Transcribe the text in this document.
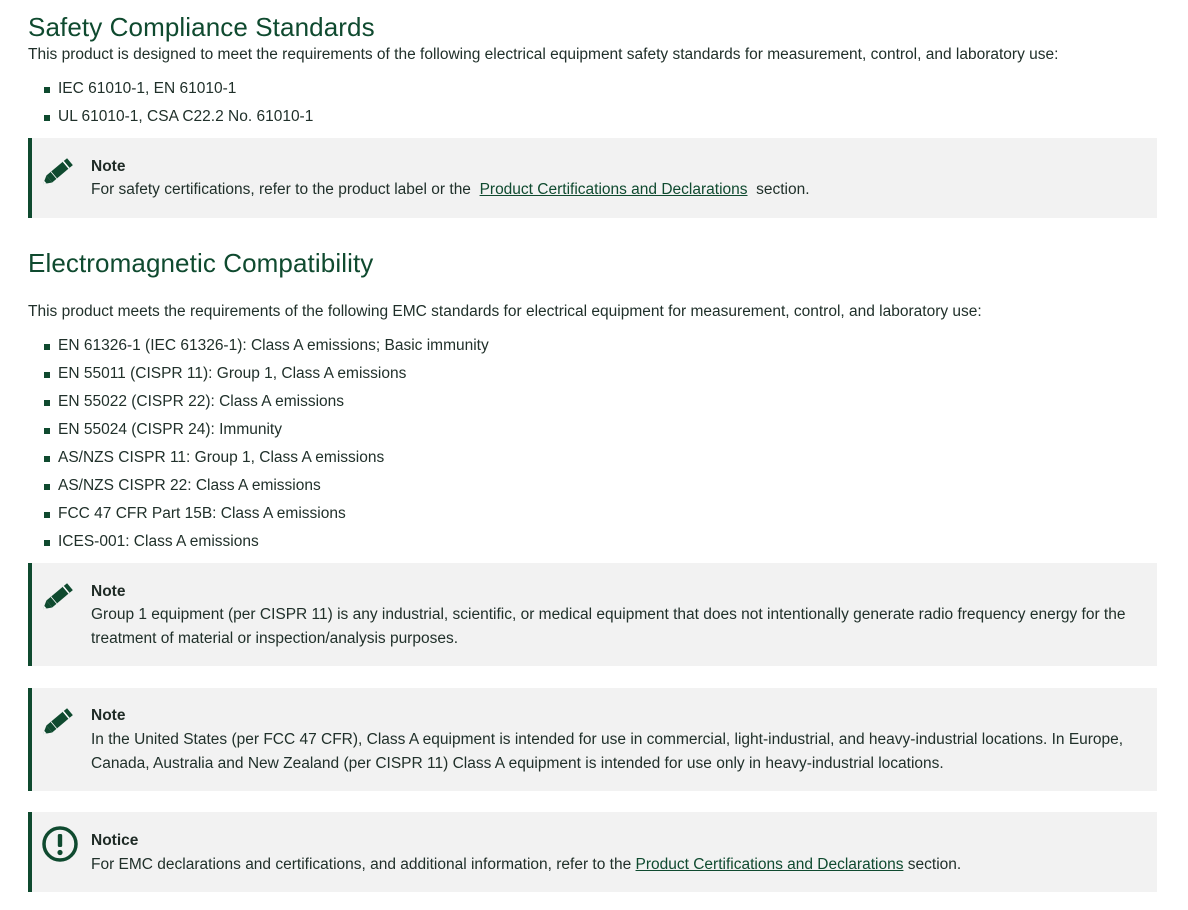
Safety Compliance Standards

This product is designed to meet the requirements of the following electrical equipment safety standards for measurement, control, and laboratory use:

IEC 61010-1, EN 61010-1
UL 61010-1, CSA C22.2 No. 61010-1
Note
For safety certifications, refer to the product label or the Product Certifications and Declarations section.
Electromagnetic Compatibility

This product meets the requirements of the following EMC standards for electrical equipment for measurement, control, and laboratory use:

EN 61326-1 (IEC 61326-1): Class A emissions; Basic immunity
EN 55011 (CISPR 11): Group 1, Class A emissions
EN 55022 (CISPR 22): Class A emissions
EN 55024 (CISPR 24): Immunity
AS/NZS CISPR 11: Group 1, Class A emissions
AS/NZS CISPR 22: Class A emissions
FCC 47 CFR Part 15B: Class A emissions
ICES-001: Class A emissions
Note
Group 1 equipment (per CISPR 11) is any industrial, scientific, or medical equipment that does not intentionally generate radio frequency energy for the treatment of material or inspection/analysis purposes.
Note
In the United States (per FCC 47 CFR), Class A equipment is intended for use in commercial, light-industrial, and heavy-industrial locations. In Europe, Canada, Australia and New Zealand (per CISPR 11) Class A equipment is intended for use only in heavy-industrial locations.
Notice
For EMC declarations and certifications, and additional information, refer to the Product Certifications and Declarations section.
